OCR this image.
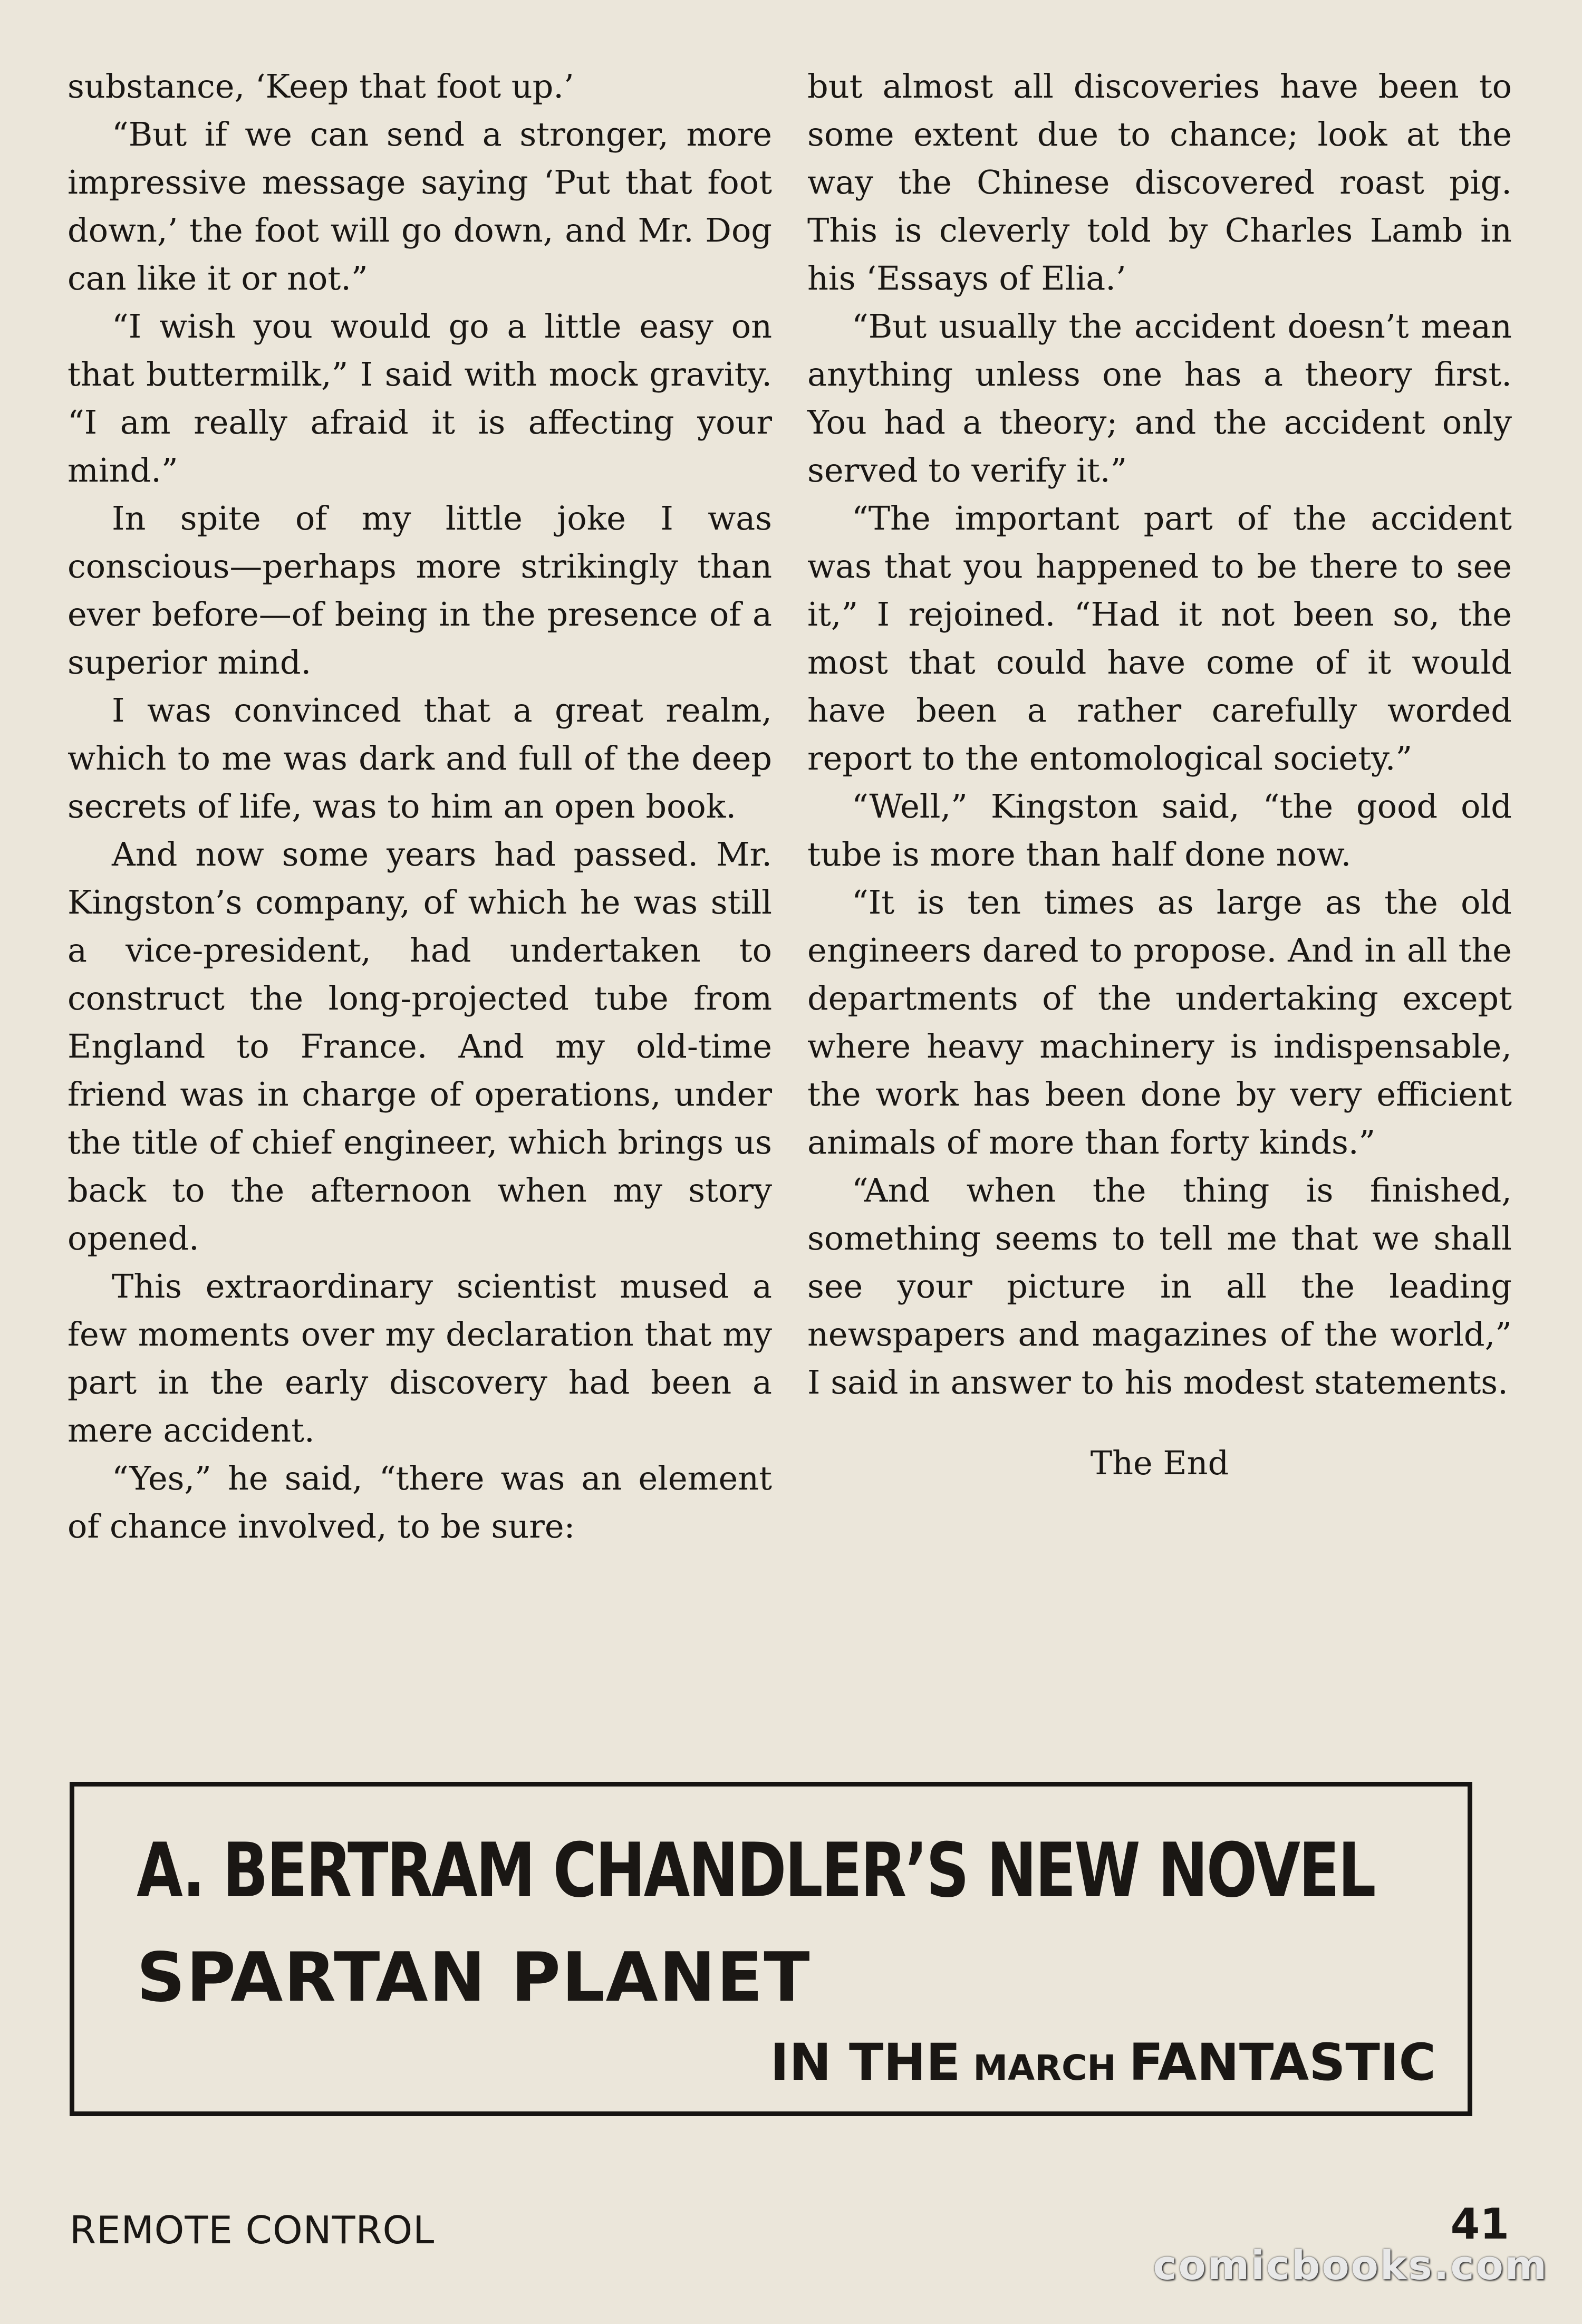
substance, ‘Keep that foot up.’

“But if we can send a stronger, more impressive message saying ‘Put that foot down,’ the foot will go down, and Mr. Dog can like it or not.”

“I wish you would go a little easy on that buttermilk,” I said with mock gravity. “I am really afraid it is affecting your mind.”

In spite of my little joke I was conscious—perhaps more strikingly than ever before—of being in the presence of a superior mind.

I was convinced that a great realm, which to me was dark and full of the deep secrets of life, was to him an open book.

And now some years had passed. Mr. Kingston’s company, of which he was still a vice-president, had undertaken to construct the long-projected tube from England to France. And my old-time friend was in charge of operations, under the title of chief engineer, which brings us back to the afternoon when my story opened.

This extraordinary scientist mused a few moments over my declaration that my part in the early discovery had been a mere accident.

“Yes,” he said, “there was an element of chance involved, to be sure:

but almost all discoveries have been to some extent due to chance; look at the way the Chinese discovered roast pig. This is cleverly told by Charles Lamb in his ‘Essays of Elia.’

“But usually the accident doesn’t mean anything unless one has a theory first. You had a theory; and the accident only served to verify it.”

“The important part of the accident was that you happened to be there to see it,” I rejoined. “Had it not been so, the most that could have come of it would have been a rather carefully worded report to the entomological society.”

“Well,” Kingston said, “the good old tube is more than half done now.

“It is ten times as large as the old engineers dared to propose. And in all the departments of the undertaking except where heavy machinery is indispensable, the work has been done by very efficient animals of more than forty kinds.”

“And when the thing is finished, something seems to tell me that we shall see your picture in all the leading newspapers and magazines of the world,” I said in answer to his modest statements.

The End

A. BERTRAM CHANDLER’S NEW NOVEL
SPARTAN PLANET
IN THE MARCH FANTASTIC
REMOTE CONTROL	41
comicbooks.com
